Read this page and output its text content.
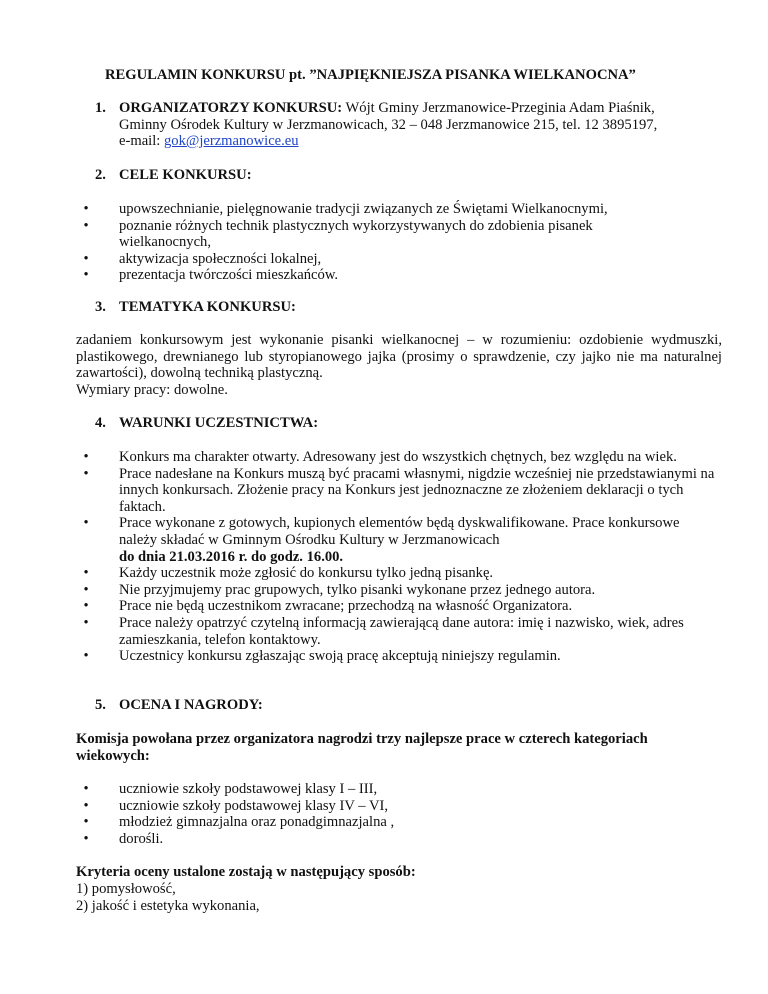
REGULAMIN KONKURSU pt. ”NAJPIĘKNIEJSZA PISANKA WIELKANOCNA”
1. ORGANIZATORZY KONKURSU: Wójt Gminy Jerzmanowice-Przeginia Adam Piaśnik,
Gminny Ośrodek Kultury w Jerzmanowicach, 32 – 048 Jerzmanowice 215, tel. 12 3895197,
e-mail: gok@jerzmanowice.eu
2. CELE KONKURSU:
•	upowszechnianie, pielęgnowanie tradycji związanych ze Świętami Wielkanocnymi,
•	poznanie różnych technik plastycznych wykorzystywanych do zdobienia pisanek wielkanocnych,
•	aktywizacja społeczności lokalnej,
•	prezentacja twórczości mieszkańców.
3. TEMATYKA KONKURSU:
zadaniem konkursowym jest wykonanie pisanki wielkanocnej – w rozumieniu: ozdobienie wydmuszki, plastikowego, drewnianego lub styropianowego jajka (prosimy o sprawdzenie, czy jajko nie ma naturalnej zawartości), dowolną techniką plastyczną.
Wymiary pracy: dowolne.
4. WARUNKI UCZESTNICTWA:
•	Konkurs ma charakter otwarty. Adresowany jest do wszystkich chętnych, bez względu na wiek.
•	Prace nadesłane na Konkurs muszą być pracami własnymi, nigdzie wcześniej nie przedstawianymi na innych konkursach. Złożenie pracy na Konkurs jest jednoznaczne ze złożeniem deklaracji o tych faktach.
•	Prace wykonane z gotowych, kupionych elementów będą dyskwalifikowane. Prace konkursowe należy składać w Gminnym Ośrodku Kultury w Jerzmanowicach
do dnia 21.03.2016 r. do godz. 16.00.
•	Każdy uczestnik może zgłosić do konkursu tylko jedną pisankę.
•	Nie przyjmujemy prac grupowych, tylko pisanki wykonane przez jednego autora.
•	Prace nie będą uczestnikom zwracane; przechodzą na własność Organizatora.
•	Prace należy opatrzyć czytelną informacją zawierającą dane autora: imię i nazwisko, wiek, adres zamieszkania, telefon kontaktowy.
•	Uczestnicy konkursu zgłaszając swoją pracę akceptują niniejszy regulamin.
5. OCENA I NAGRODY:
Komisja powołana przez organizatora nagrodzi trzy najlepsze prace w czterech kategoriach wiekowych:
•	uczniowie szkoły podstawowej klasy I – III,
•	uczniowie szkoły podstawowej klasy IV – VI,
•	młodzież gimnazjalna oraz ponadgimnazjalna ,
•	dorośli.
Kryteria oceny ustalone zostają w następujący sposób:
1) pomysłowość,
2) jakość i estetyka wykonania,
